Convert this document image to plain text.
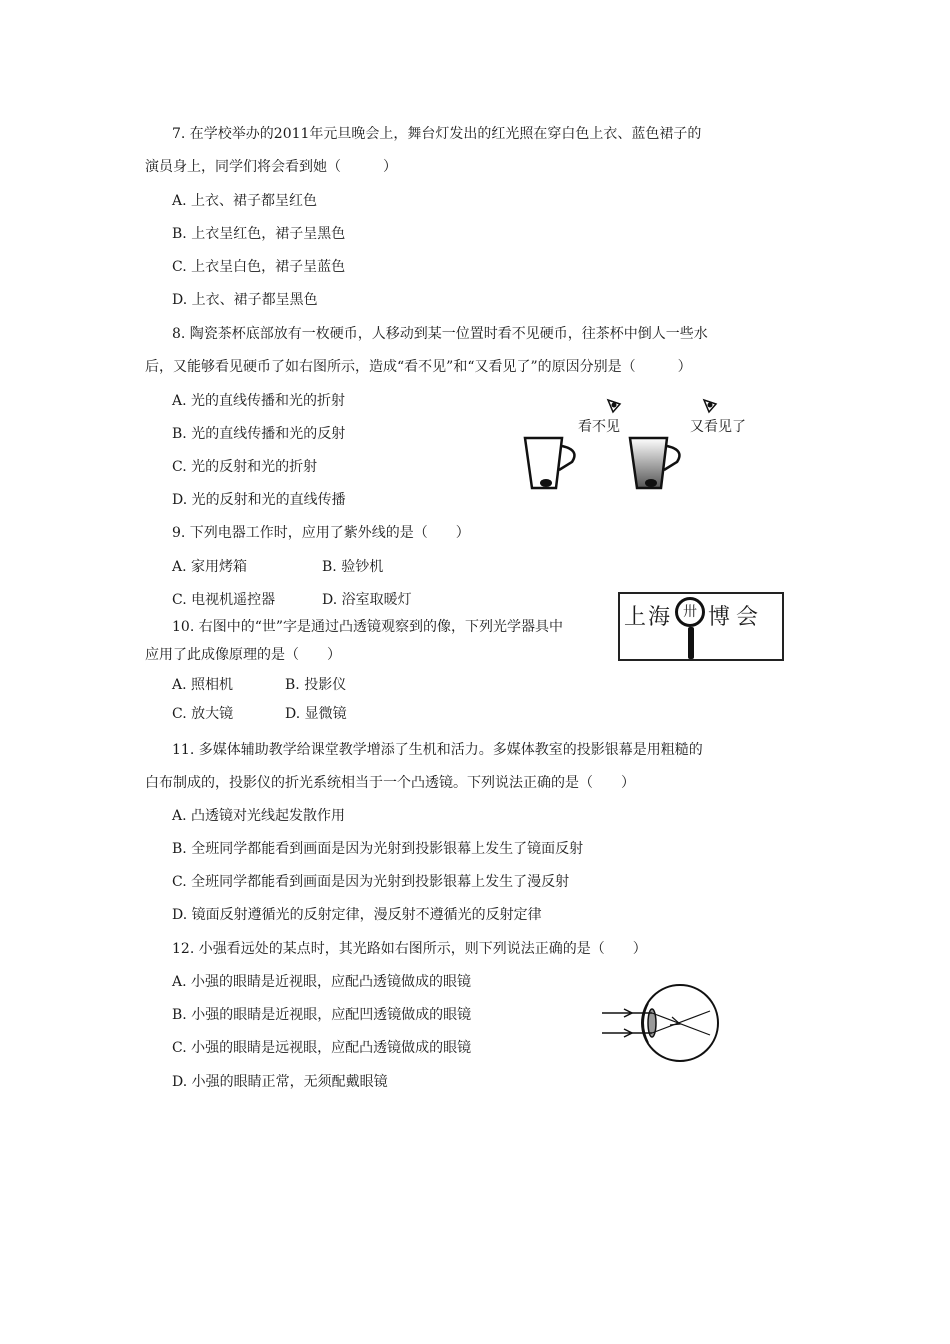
7. 在学校举办的2011年元旦晚会上，舞台灯发出的红光照在穿白色上衣、蓝色裙子的
演员身上，同学们将会看到她（　　　）
A. 上衣、裙子都呈红色
B. 上衣呈红色，裙子呈黑色
C. 上衣呈白色，裙子呈蓝色
D. 上衣、裙子都呈黑色
8. 陶瓷茶杯底部放有一枚硬币，人移动到某一位置时看不见硬币，往茶杯中倒人一些水
后，又能够看见硬币了如右图所示，造成“看不见”和“又看见了”的原因分别是（　　　）
A. 光的直线传播和光的折射
B. 光的直线传播和光的反射
C. 光的反射和光的折射
D. 光的反射和光的直线传播
看不见	又看见了
9. 下列电器工作时，应用了紫外线的是（　　）
A. 家用烤箱	B. 验钞机
C. 电视机遥控器	D. 浴室取暖灯
10. 右图中的“世”字是通过凸透镜观察到的像，下列光学器具中
应用了此成像原理的是（　　）
A. 照相机	B. 投影仪
C. 放大镜	D. 显微镜
上 海 博 会
卅
11. 多媒体辅助教学给课堂教学增添了生机和活力。多媒体教室的投影银幕是用粗糙的
白布制成的，投影仪的折光系统相当于一个凸透镜。下列说法正确的是（　　）
A. 凸透镜对光线起发散作用
B. 全班同学都能看到画面是因为光射到投影银幕上发生了镜面反射
C. 全班同学都能看到画面是因为光射到投影银幕上发生了漫反射
D. 镜面反射遵循光的反射定律，漫反射不遵循光的反射定律
12. 小强看远处的某点时，其光路如右图所示，则下列说法正确的是（　　）
A. 小强的眼睛是近视眼，应配凸透镜做成的眼镜
B. 小强的眼睛是近视眼，应配凹透镜做成的眼镜
C. 小强的眼睛是远视眼，应配凸透镜做成的眼镜
D. 小强的眼睛正常，无须配戴眼镜
